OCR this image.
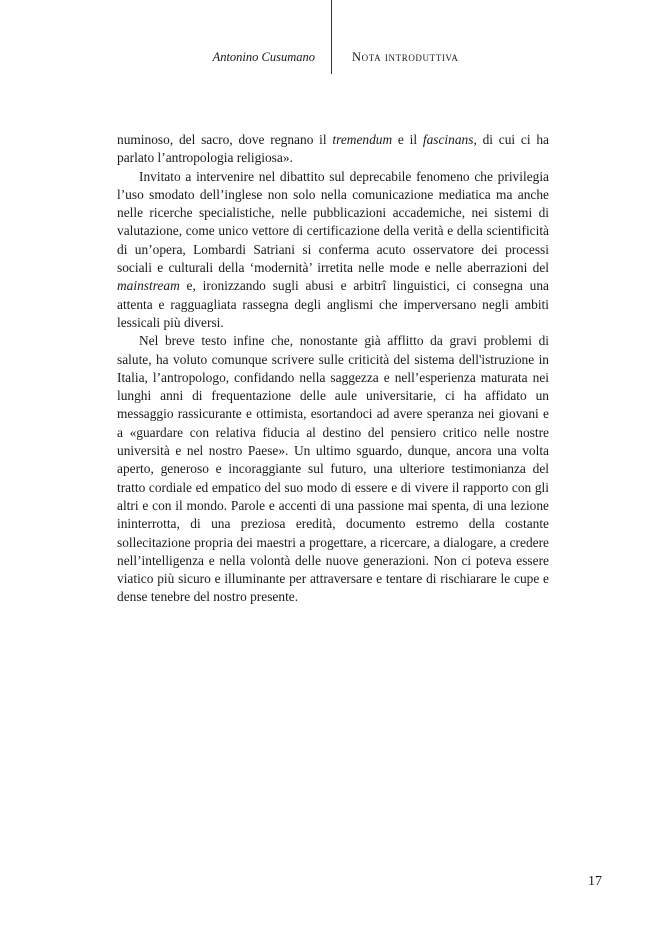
Antonino Cusumano	Nota introduttiva

numinoso, del sacro, dove regnano il tremendum e il fascinans, di cui ci ha parlato l’antropologia religiosa».

Invitato a intervenire nel dibattito sul deprecabile fenomeno che privilegia l’uso smodato dell’inglese non solo nella comunicazione mediatica ma anche nelle ricerche specialistiche, nelle pubblicazioni accademiche, nei sistemi di valutazione, come unico vettore di certificazione della verità e della scientificità di un’opera, Lombardi Satriani si conferma acuto osservatore dei processi sociali e culturali della ‘modernità’ irretita nelle mode e nelle aberrazioni del mainstream e, ironizzando sugli abusi e arbitrî linguistici, ci consegna una attenta e ragguagliata rassegna degli anglismi che imperversano negli ambiti lessicali più diversi.

Nel breve testo infine che, nonostante già afflitto da gravi problemi di salute, ha voluto comunque scrivere sulle criticità del sistema dell'istruzione in Italia, l’antropologo, confidando nella saggezza e nell’esperienza maturata nei lunghi anni di frequentazione delle aule universitarie, ci ha affidato un messaggio rassicurante e ottimista, esortandoci ad avere speranza nei giovani e a «guardare con relativa fiducia al destino del pensiero critico nelle nostre università e nel nostro Paese». Un ultimo sguardo, dunque, ancora una volta aperto, generoso e incoraggiante sul futuro, una ulteriore testimonianza del tratto cordiale ed empatico del suo modo di essere e di vivere il rapporto con gli altri e con il mondo. Parole e accenti di una passione mai spenta, di una lezione ininterrotta, di una preziosa eredità, documento estremo della costante sollecitazione propria dei maestri a progettare, a ricercare, a dialogare, a credere nell’intelligenza e nella volontà delle nuove generazioni. Non ci poteva essere viatico più sicuro e illuminante per attraversare e tentare di rischiarare le cupe e dense tenebre del nostro presente.

17
